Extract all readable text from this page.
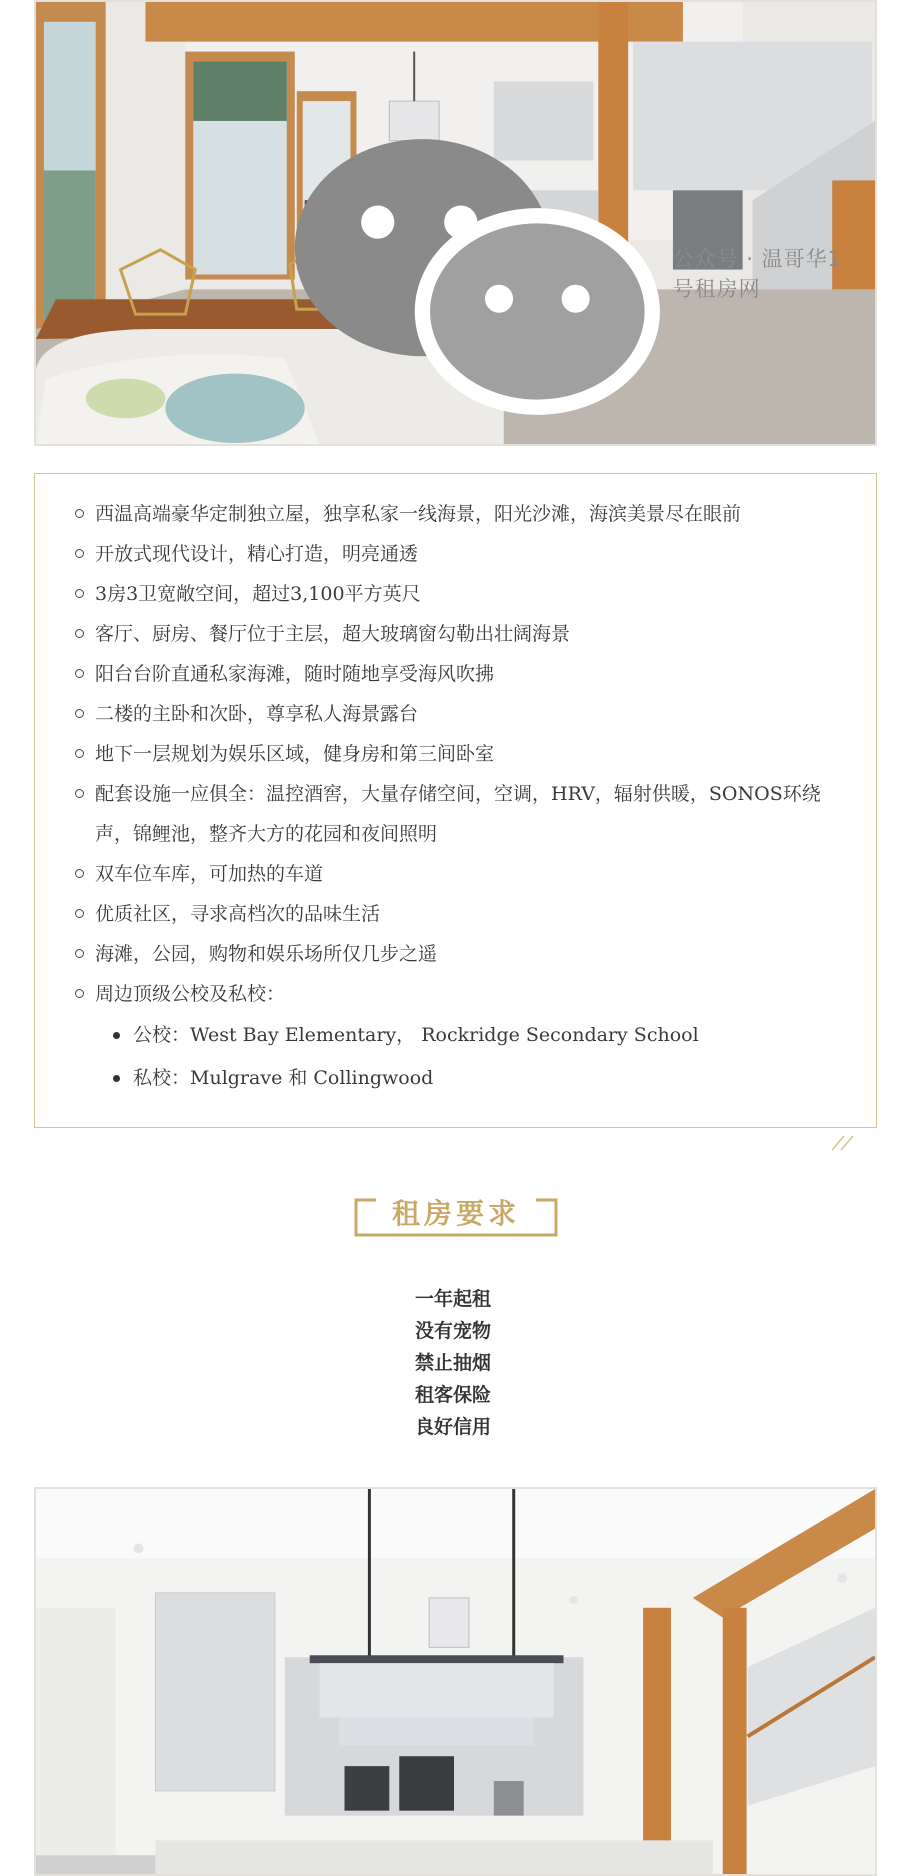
公众号 · 温哥华1号租房网
西温高端豪华定制独立屋，独享私家一线海景，阳光沙滩，海滨美景尽在眼前
开放式现代设计，精心打造，明亮通透
3房3卫宽敞空间，超过3,100平方英尺
客厅、厨房、餐厅位于主层，超大玻璃窗勾勒出壮阔海景
阳台台阶直通私家海滩，随时随地享受海风吹拂
二楼的主卧和次卧，尊享私人海景露台
地下一层规划为娱乐区域，健身房和第三间卧室
配套设施一应俱全：温控酒窖，大量存储空间，空调，HRV，辐射供暖，SONOS环绕声，锦鲤池，整齐大方的花园和夜间照明
双车位车库，可加热的车道
优质社区，寻求高档次的品味生活
海滩，公园，购物和娱乐场所仅几步之遥
周边顶级公校及私校：
公校：West Bay Elementary， Rockridge Secondary School
私校：Mulgrave 和 Collingwood
租房要求
一年起租
没有宠物
禁止抽烟
租客保险
良好信用
